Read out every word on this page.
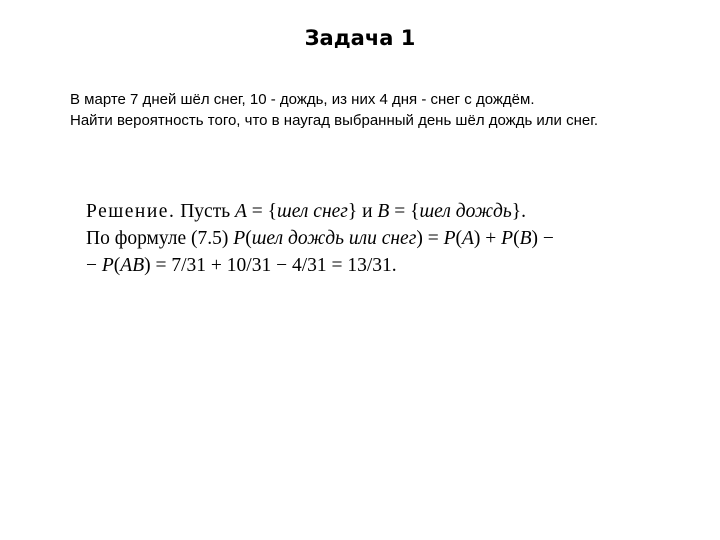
Задача 1

В марте 7 дней шёл снег, 10 - дождь, из них 4 дня - снег с дождём.

Найти вероятность того, что в наугад выбранный день шёл дождь или снег.

Решение. Пусть A = {шел снег} и B = {шел дождь}.
По формуле (7.5) P(шел дождь или снег) = P(A) + P(B) −
− P(AB) = 7/31 + 10/31 − 4/31 = 13/31.
